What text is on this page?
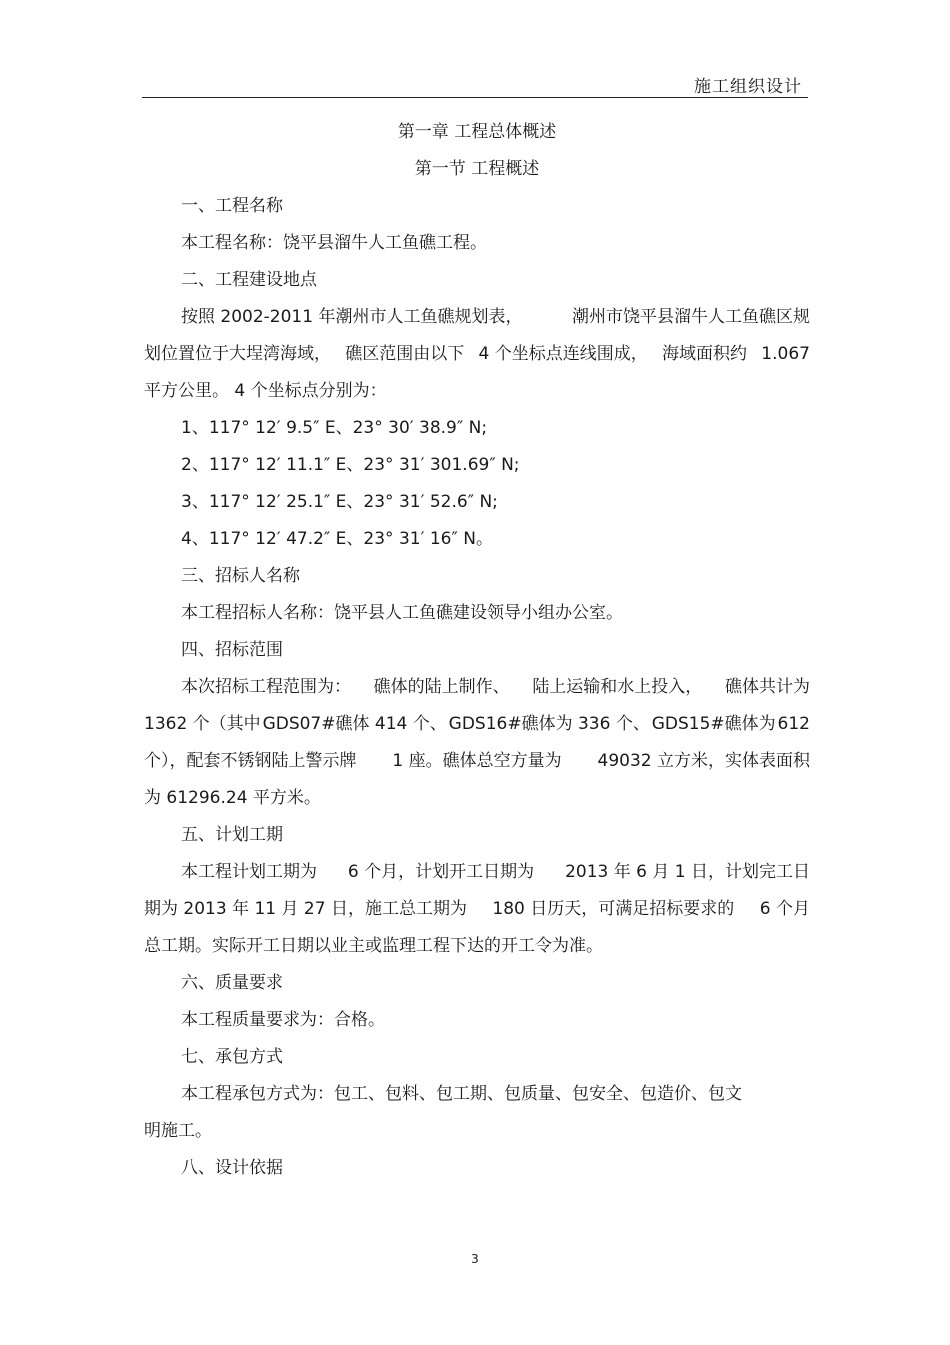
施工组织设计
第一章 工程总体概述
第一节 工程概述
一、工程名称
本工程名称：饶平县溜牛人工鱼礁工程。
二、工程建设地点
按照 2002-2011 年潮州市人工鱼礁规划表，	潮州市饶平县溜牛人工鱼礁区规
划位置位于大埕湾海域， 礁区范围由以下 4 个坐标点连线围成， 海域面积约 1.067
平方公里。 4 个坐标点分别为：
1、117° 12′ 9.5″ E、23° 30′ 38.9″ N;
2、117° 12′ 11.1″ E、23° 31′ 301.69″ N;
3、117° 12′ 25.1″ E、23° 31′ 52.6″ N;
4、117° 12′ 47.2″ E、23° 31′ 16″ N。
三、招标人名称
本工程招标人名称：饶平县人工鱼礁建设领导小组办公室。
四、招标范围
本次招标工程范围为： 礁体的陆上制作、 陆上运输和水上投入， 礁体共计为
1362 个（其中 GDS07#礁体 414 个、 GDS16#礁体为 336 个、 GDS15#礁体为 612
个），配套不锈钢陆上警示牌 1 座。礁体总空方量为 49032 立方米，实体表面积
为 61296.24 平方米。
五、计划工期
本工程计划工期为 6 个月，计划开工日期为 2013 年 6 月 1 日，计划完工日
期为 2013 年 11 月 27 日，施工总工期为 180 日历天，可满足招标要求的 6 个月
总工期。实际开工日期以业主或监理工程下达的开工令为准。
六、质量要求
本工程质量要求为：合格。
七、承包方式
本工程承包方式为：包工、包料、包工期、包质量、包安全、包造价、包文
明施工。
八、设计依据
3
